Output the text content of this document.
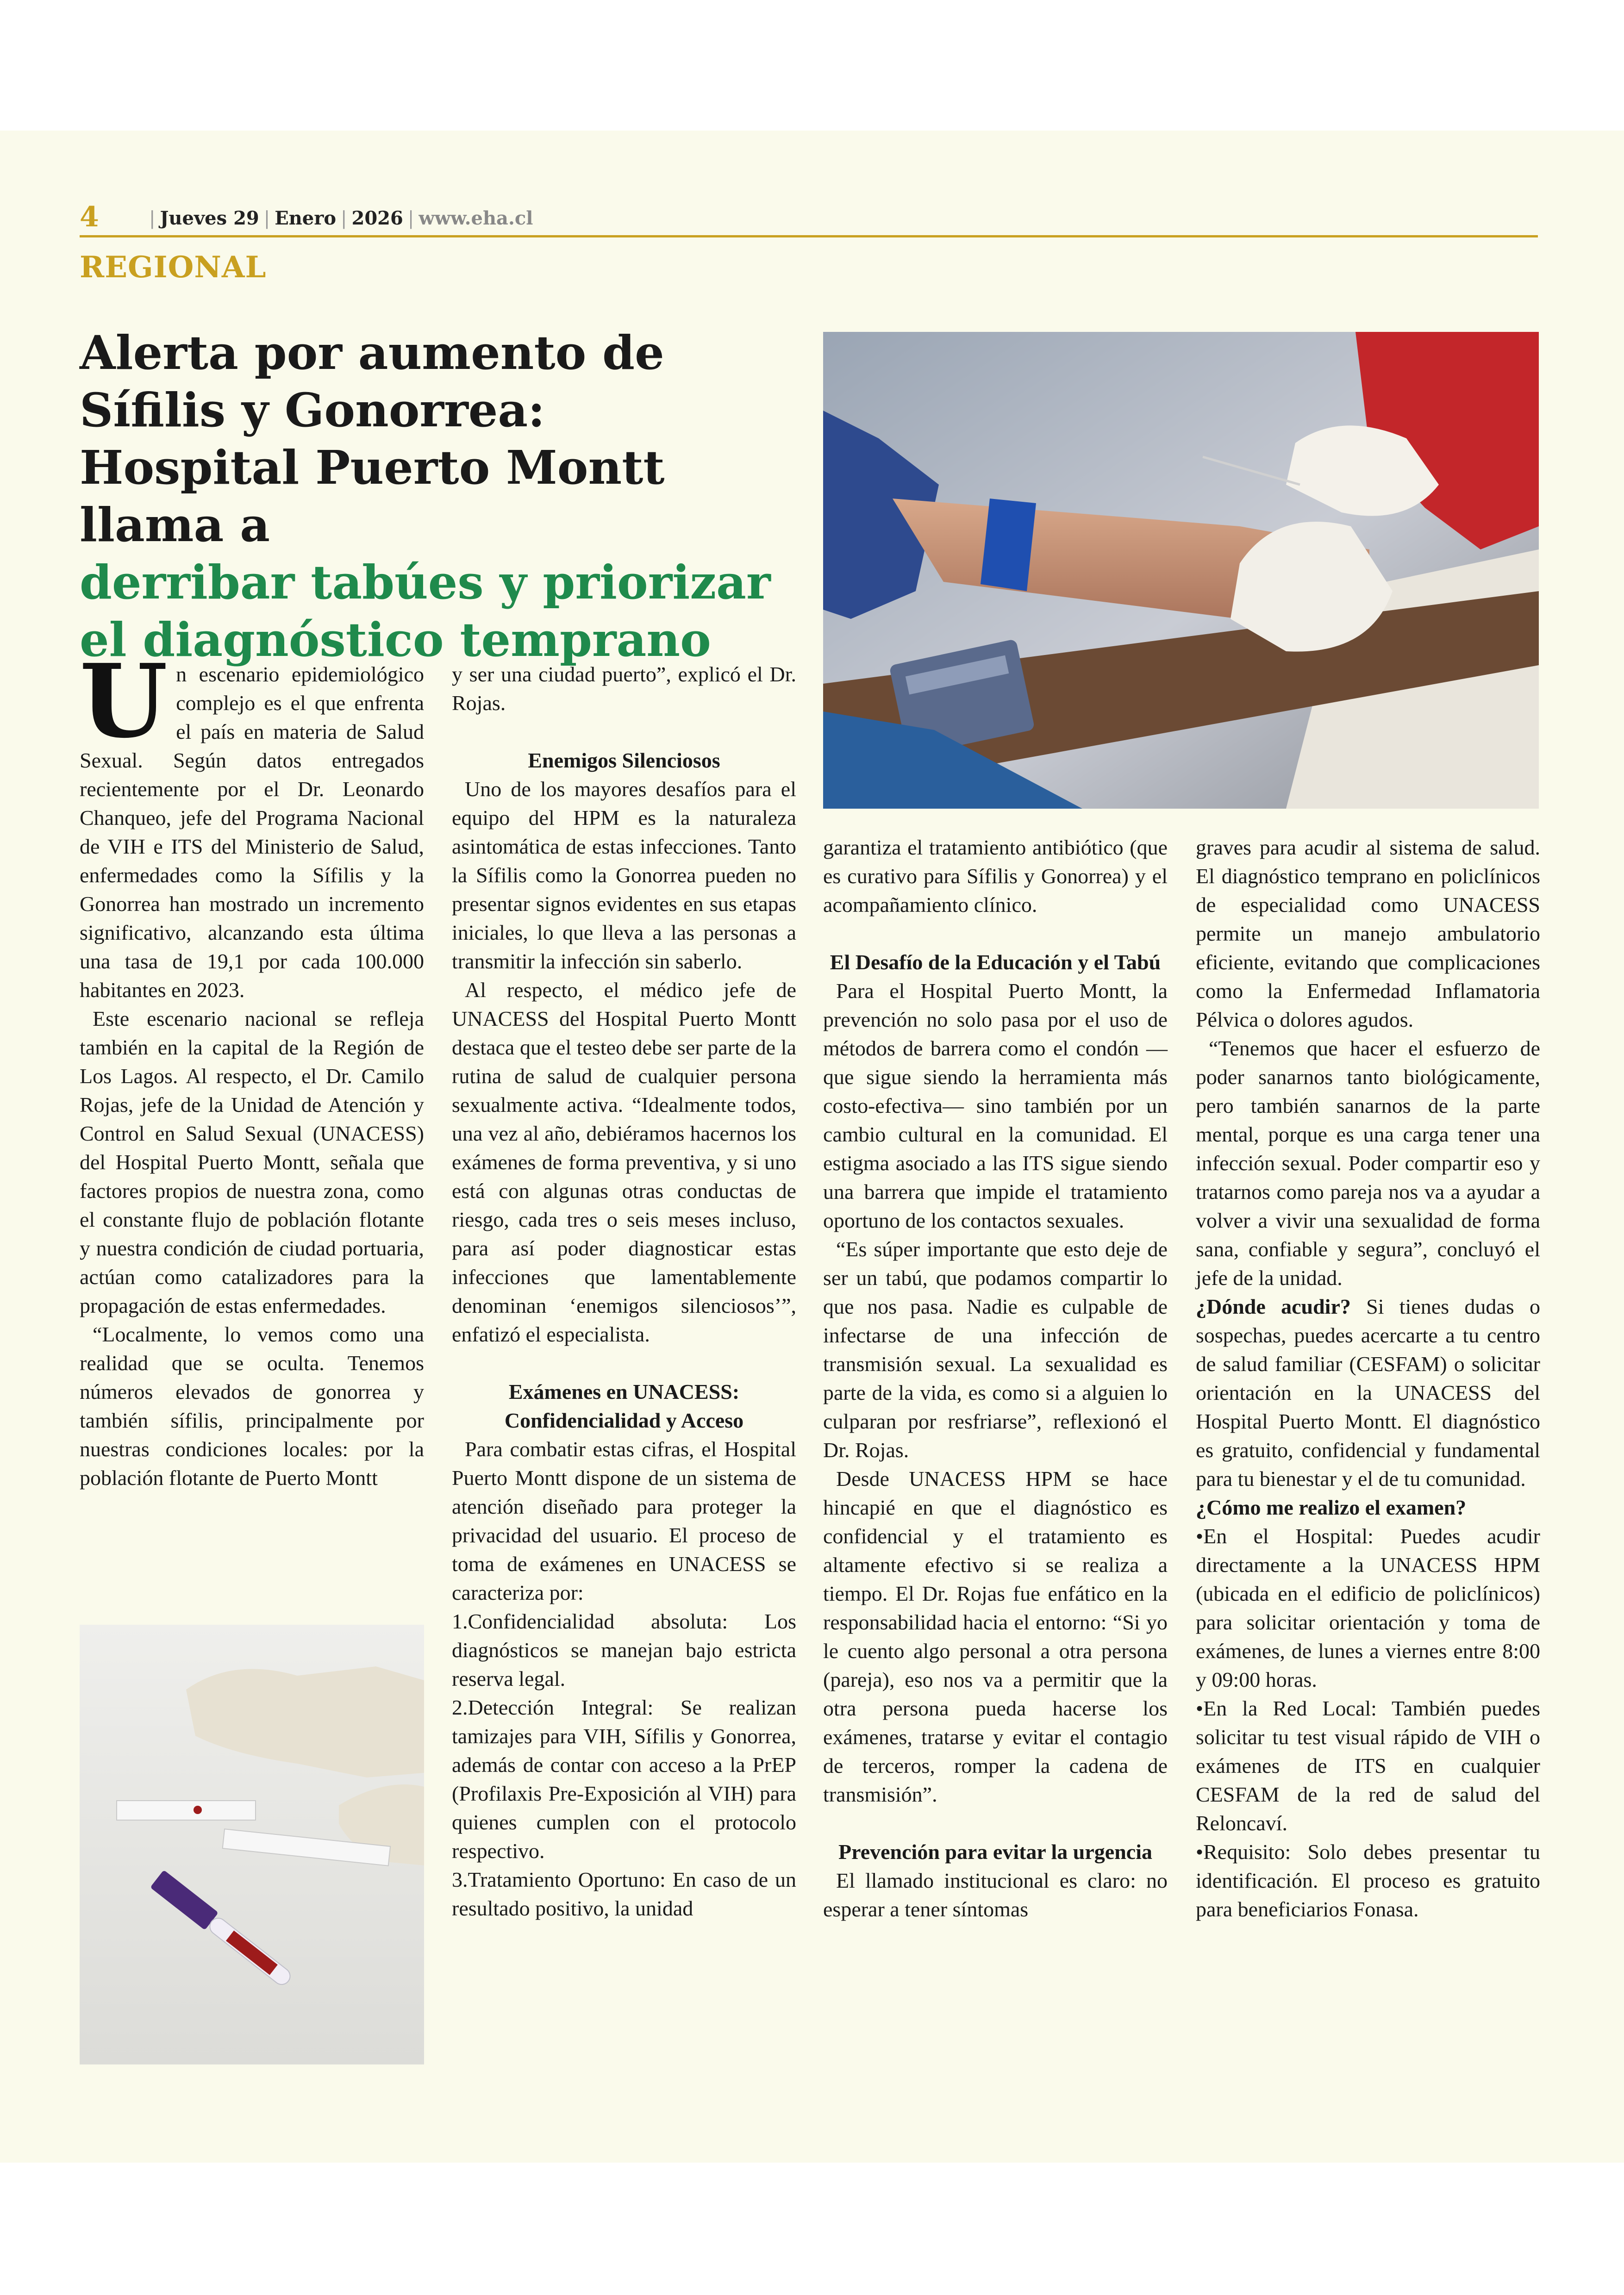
4	| Jueves 29 | Enero | 2026 | www.eha.cl
REGIONAL
Alerta por aumento de Sífilis y Gonorrea: Hospital Puerto Montt llama a
derribar tabúes y priorizar el diagnóstico temprano

Un escenario epidemiológico complejo es el que enfrenta el país en materia de Salud Sexual. Según datos entregados recientemente por el Dr. Leonardo Chanqueo, jefe del Programa Nacional de VIH e ITS del Ministerio de Salud, enfermedades como la Sífilis y la Gonorrea han mostrado un incremento significativo, alcanzando esta última una tasa de 19,1 por cada 100.000 habitantes en 2023.

Este escenario nacional se refleja también en la capital de la Región de Los Lagos. Al respecto, el Dr. Camilo Rojas, jefe de la Unidad de Atención y Control en Salud Sexual (UNACESS) del Hospital Puerto Montt, señala que factores propios de nuestra zona, como el constante flujo de población flotante y nuestra condición de ciudad portuaria, actúan como catalizadores para la propagación de estas enfermedades.

“Localmente, lo vemos como una realidad que se oculta. Tenemos números elevados de gonorrea y también sífilis, principalmente por nuestras condiciones locales: por la población flotante de Puerto Montt

y ser una ciudad puerto”, explicó el Dr. Rojas.

Enemigos Silenciosos

Uno de los mayores desafíos para el equipo del HPM es la naturaleza asintomática de estas infecciones. Tanto la Sífilis como la Gonorrea pueden no presentar signos evidentes en sus etapas iniciales, lo que lleva a las personas a transmitir la infección sin saberlo.

Al respecto, el médico jefe de UNACESS del Hospital Puerto Montt destaca que el testeo debe ser parte de la rutina de salud de cualquier persona sexualmente activa. “Idealmente todos, una vez al año, debiéramos hacernos los exámenes de forma preventiva, y si uno está con algunas otras conductas de riesgo, cada tres o seis meses incluso, para así poder diagnosticar estas infecciones que lamentablemente denominan ‘enemigos silenciosos’”, enfatizó el especialista.

Exámenes en UNACESS: Confidencialidad y Acceso

Para combatir estas cifras, el Hospital Puerto Montt dispone de un sistema de atención diseñado para proteger la privacidad del usuario. El proceso de toma de exámenes en UNACESS se caracteriza por:

1.Confidencialidad absoluta: Los diagnósticos se manejan bajo estricta reserva legal.

2.Detección Integral: Se realizan tamizajes para VIH, Sífilis y Gonorrea, además de contar con acceso a la PrEP (Profilaxis Pre-Exposición al VIH) para quienes cumplen con el protocolo respectivo.

3.Tratamiento Oportuno: En caso de un resultado positivo, la unidad

garantiza el tratamiento antibiótico (que es curativo para Sífilis y Gonorrea) y el acompañamiento clínico.

El Desafío de la Educación y el Tabú

Para el Hospital Puerto Montt, la prevención no solo pasa por el uso de métodos de barrera como el condón —que sigue siendo la herramienta más costo-efectiva— sino también por un cambio cultural en la comunidad. El estigma asociado a las ITS sigue siendo una barrera que impide el tratamiento oportuno de los contactos sexuales.

“Es súper importante que esto deje de ser un tabú, que podamos compartir lo que nos pasa. Nadie es culpable de infectarse de una infección de transmisión sexual. La sexualidad es parte de la vida, es como si a alguien lo culparan por resfriarse”, reflexionó el Dr. Rojas.

Desde UNACESS HPM se hace hincapié en que el diagnóstico es confidencial y el tratamiento es altamente efectivo si se realiza a tiempo. El Dr. Rojas fue enfático en la responsabilidad hacia el entorno: “Si yo le cuento algo personal a otra persona (pareja), eso nos va a permitir que la otra persona pueda hacerse los exámenes, tratarse y evitar el contagio de terceros, romper la cadena de transmisión”.

Prevención para evitar la urgencia

El llamado institucional es claro: no esperar a tener síntomas

graves para acudir al sistema de salud. El diagnóstico temprano en policlínicos de especialidad como UNACESS permite un manejo ambulatorio eficiente, evitando que complicaciones como la Enfermedad Inflamatoria Pélvica o dolores agudos.

“Tenemos que hacer el esfuerzo de poder sanarnos tanto biológicamente, pero también sanarnos de la parte mental, porque es una carga tener una infección sexual. Poder compartir eso y tratarnos como pareja nos va a ayudar a volver a vivir una sexualidad de forma sana, confiable y segura”, concluyó el jefe de la unidad.

¿Dónde acudir? Si tienes dudas o sospechas, puedes acercarte a tu centro de salud familiar (CESFAM) o solicitar orientación en la UNACESS del Hospital Puerto Montt. El diagnóstico es gratuito, confidencial y fundamental para tu bienestar y el de tu comunidad.

¿Cómo me realizo el examen?

•En el Hospital: Puedes acudir directamente a la UNACESS HPM (ubicada en el edificio de policlínicos) para solicitar orientación y toma de exámenes, de lunes a viernes entre 8:00 y 09:00 horas.

•En la Red Local: También puedes solicitar tu test visual rápido de VIH o exámenes de ITS en cualquier CESFAM de la red de salud del Reloncaví.

•Requisito: Solo debes presentar tu identificación. El proceso es gratuito para beneficiarios Fonasa.
